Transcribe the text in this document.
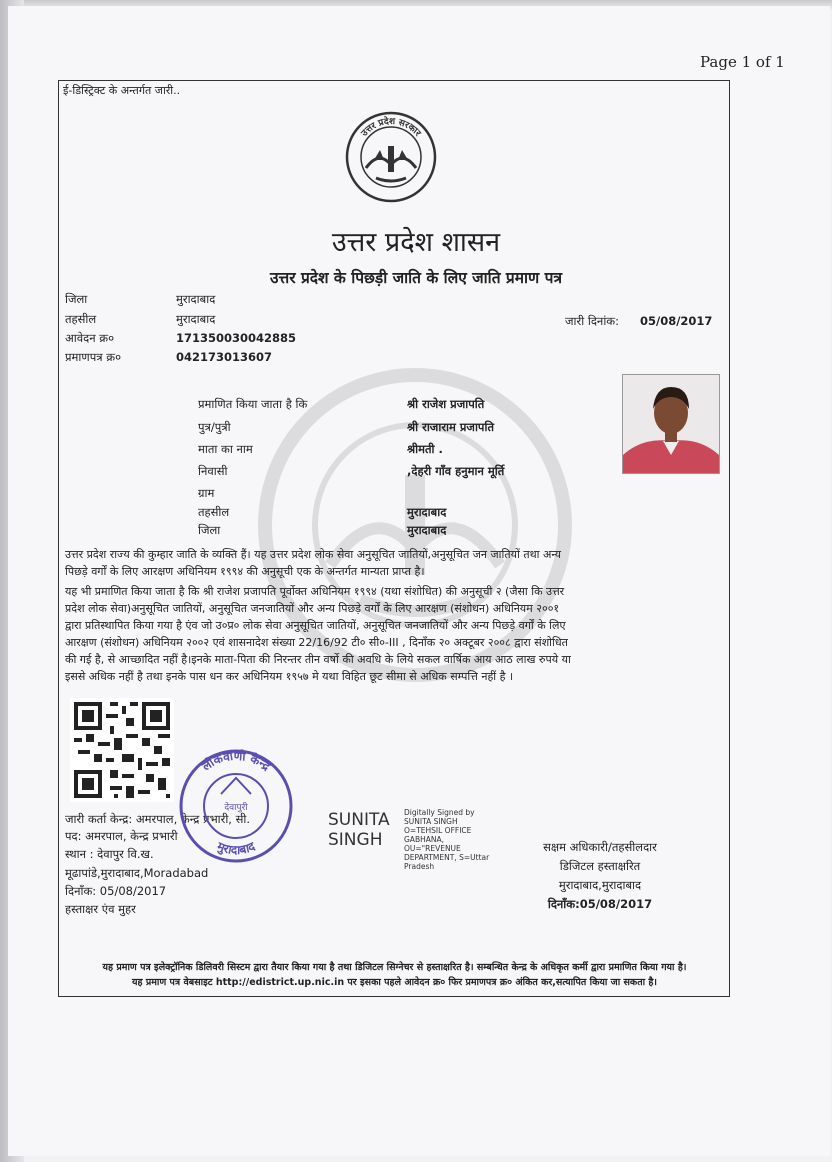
Page 1 of 1
ई-डिस्ट्रिक्ट के अन्तर्गत जारी..
उत्तर प्रदेश सरकार
उत्तर प्रदेश शासन
उत्तर प्रदेश के पिछड़ी जाति के लिए जाति प्रमाण पत्र
जिला	मुरादाबाद
तहसील	मुरादाबाद
आवेदन क्र०	171350030042885
प्रमाणपत्र क्र०	042173013607
जारी दिनांक: 05/08/2017
प्रमाणित किया जाता है कि	श्री राजेश प्रजापति
पुत्र/पुत्री	श्री राजाराम प्रजापति
माता का नाम	श्रीमती .
निवासी	,देहरी गाँव हनुमान मूर्ति
ग्राम
तहसील	मुरादाबाद
जिला	मुरादाबाद
उत्तर प्रदेश राज्य की कुम्हार जाति के व्यक्ति हैं। यह उत्तर प्रदेश लोक सेवा अनुसूचित जातियों,अनुसूचित जन जातियों तथा अन्य
पिछड़े वर्गों के लिए आरक्षण अधिनियम १९९४ की अनुसूची एक के अन्तर्गत मान्यता प्राप्त है।
यह भी प्रमाणित किया जाता है कि श्री राजेश प्रजापति पूर्वोक्त अधिनियम १९९४ (यथा संशोधित) की अनुसूची २ (जैसा कि उत्तर
प्रदेश लोक सेवा)अनुसूचित जातियों, अनुसूचित जनजातियों और अन्य पिछड़े वर्गों के लिए आरक्षण (संशोधन) अधिनियम २००१
द्वारा प्रतिस्थापित किया गया है एंव जो उ०प्र० लोक सेवा अनुसूचित जातियों, अनुसूचित जनजातियों और अन्य पिछड़े वर्गों के लिए
आरक्षण (संशोधन) अधिनियम २००२ एवं शासनादेश संख्या 22/16/92 टी० सी०-III , दिनाँक २० अक्टूबर २००८ द्वारा संशोधित
की गई है, से आच्छादित नहीं है।इनके माता-पिता की निरन्तर तीन वर्षो की अवधि के लिये सकल वार्षिक आय आठ लाख रुपये या
इससे अधिक नहीं है तथा इनके पास धन कर अधिनियम १९५७ मे यथा विहित छूट सीमा से अधिक सम्पत्ति नहीं है ।
जारी कर्ता केन्द्र: अमरपाल, केन्द्र प्रभारी, सी.
पद: अमरपाल, केन्द्र प्रभारी
स्थान : देवापुर वि.ख.
मूढापांडे,मुरादाबाद,Moradabad
दिनाँक: 05/08/2017
हस्ताक्षर एंव मुहर
लोकवाणी केन्द्र
मुरादाबाद
देवापुरी
SUNITA
SINGH
Digitally Signed by
SUNITA SINGH
O=TEHSIL OFFICE
GABHANA,
OU="REVENUE
DEPARTMENT, S=Uttar
Pradesh
सक्षम अधिकारी/तहसीलदार
डिजिटल हस्ताक्षरित
मुरादाबाद,मुरादाबाद
दिनाँक:05/08/2017
यह प्रमाण पत्र इलेक्ट्रॉनिक डिलिवरी सिस्टम द्वारा तैयार किया गया है तथा डिजिटल सिग्नेचर से हस्ताक्षरित है। सम्बन्धित केन्द्र के अधिकृत कर्मी द्वारा प्रमाणित किया गया है।
यह प्रमाण पत्र वेबसाइट http://edistrict.up.nic.in पर इसका पहले आवेदन क्र० फिर प्रमाणपत्र क्र० अंकित कर,सत्यापित किया जा सकता है।
